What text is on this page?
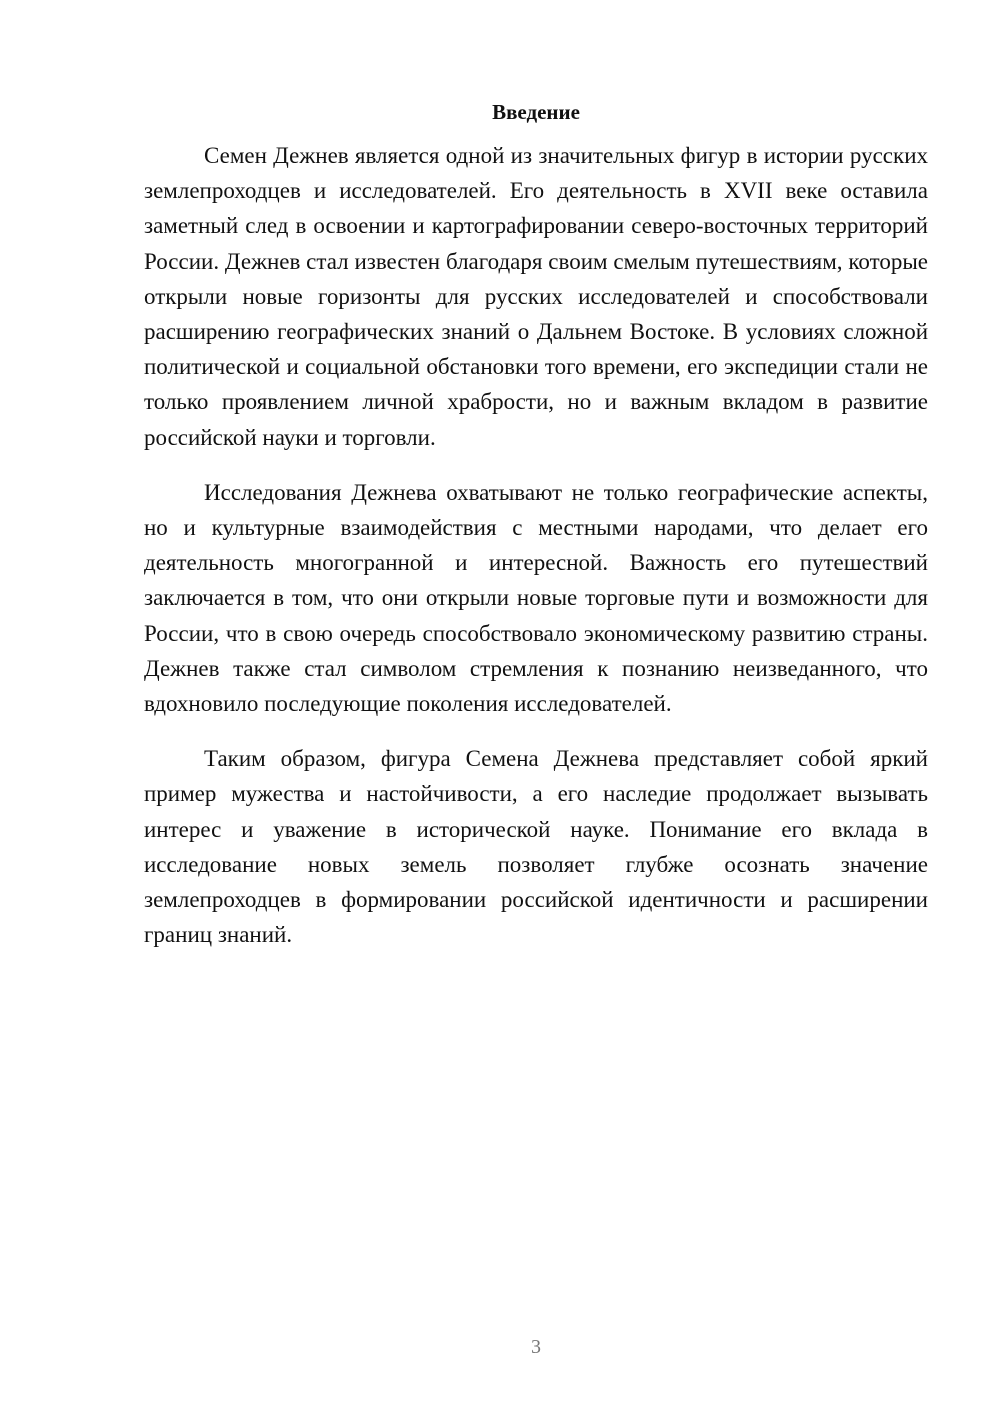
Введение

Семен Дежнев является одной из значительных фигур в истории русских землепроходцев и исследователей. Его деятельность в XVII веке оставила заметный след в освоении и картографировании северо-восточных территорий России. Дежнев стал известен благодаря своим смелым путешествиям, которые открыли новые горизонты для русских исследователей и способствовали расширению географических знаний о Дальнем Востоке. В условиях сложной политической и социальной обстановки того времени, его экспедиции стали не только проявлением личной храбрости, но и важным вкладом в развитие российской науки и торговли.

Исследования Дежнева охватывают не только географические аспекты, но и культурные взаимодействия с местными народами, что делает его деятельность многогранной и интересной. Важность его путешествий заключается в том, что они открыли новые торговые пути и возможности для России, что в свою очередь способствовало экономическому развитию страны. Дежнев также стал символом стремления к познанию неизведанного, что вдохновило последующие поколения исследователей.

Таким образом, фигура Семена Дежнева представляет собой яркий пример мужества и настойчивости, а его наследие продолжает вызывать интерес и уважение в исторической науке. Понимание его вклада в исследование новых земель позволяет глубже осознать значение землепроходцев в формировании российской идентичности и расширении границ знаний.

3
